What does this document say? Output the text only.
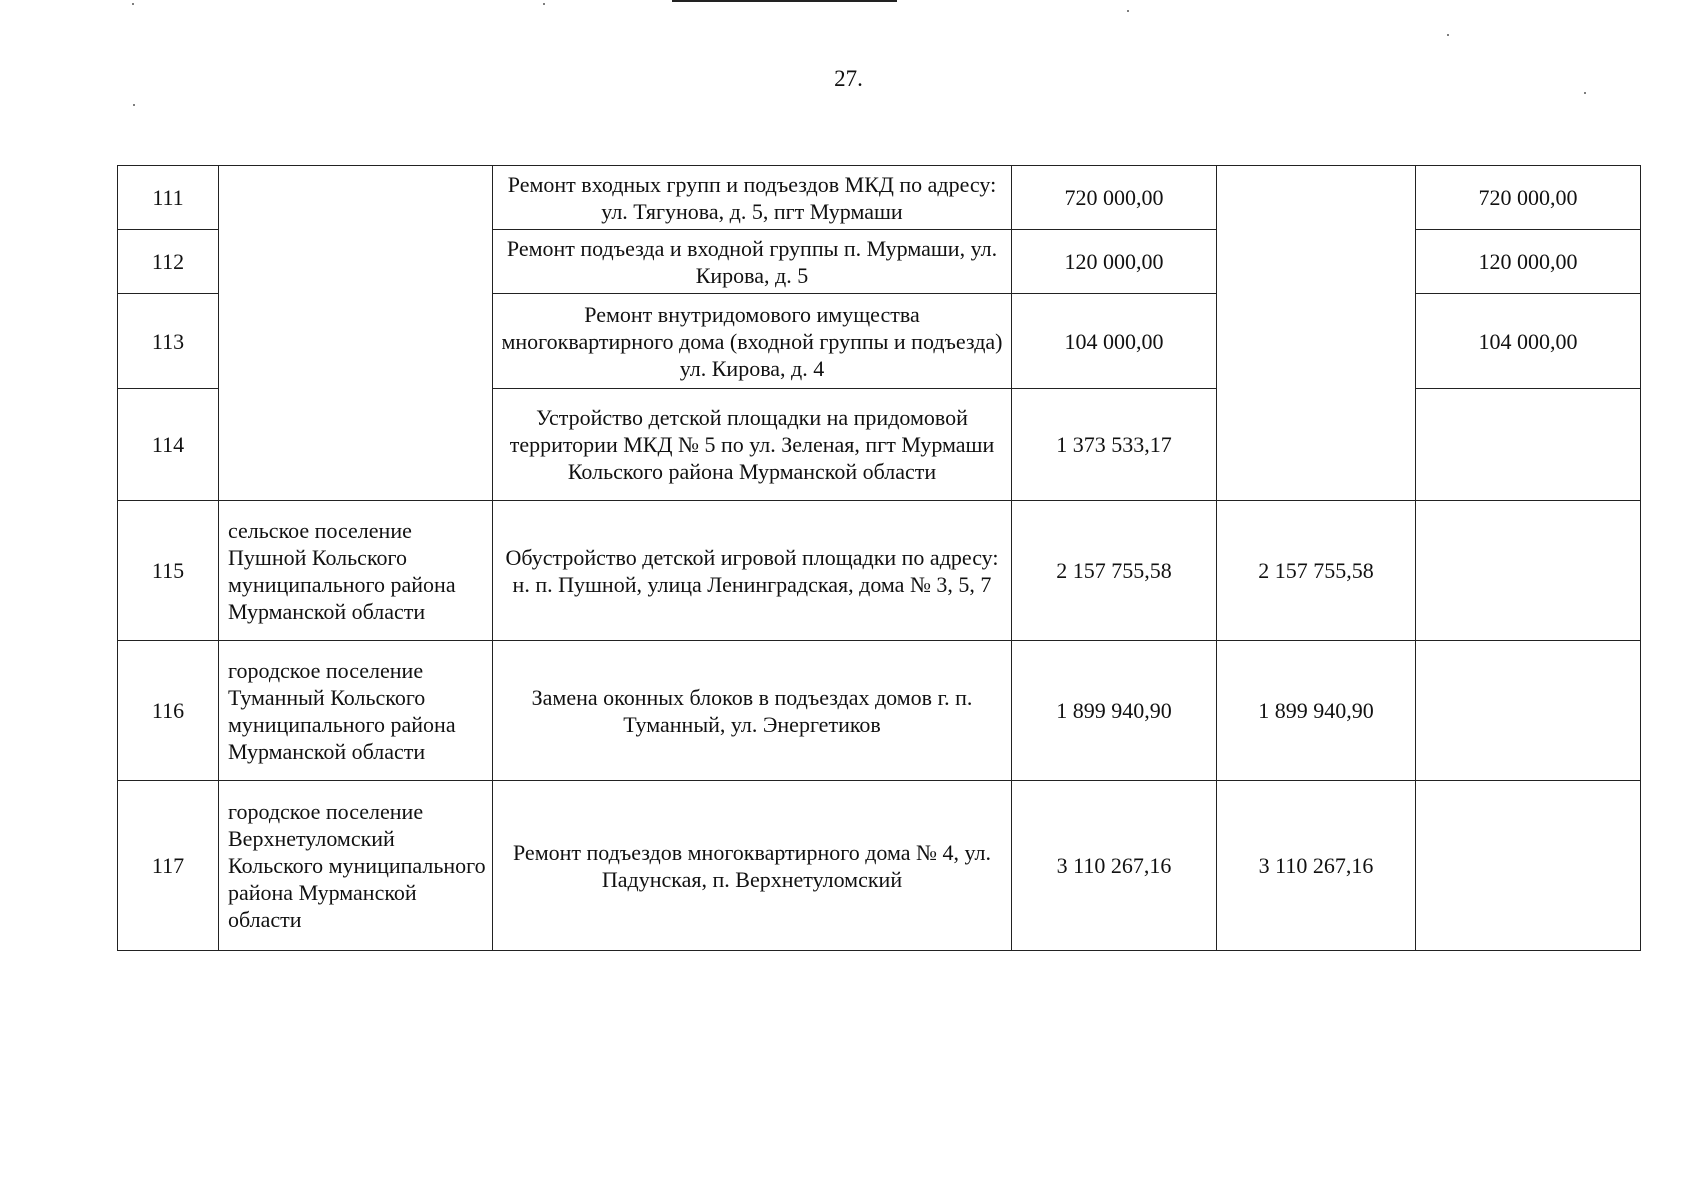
27.
111		Ремонт входных групп и подъездов МКД по адресу: ул. Тягунова, д. 5, пгт Мурмаши	720 000,00		720 000,00
112		Ремонт подъезда и входной группы п. Мурмаши, ул. Кирова, д. 5	120 000,00		120 000,00
113		Ремонт внутридомового имущества многоквартирного дома (входной группы и подъезда) ул. Кирова, д. 4	104 000,00		104 000,00
114		Устройство детской площадки на придомовой территории МКД № 5 по ул. Зеленая, пгт Мурмаши Кольского района Мурманской области	1 373 533,17		
115	сельское поселение Пушной Кольского муниципального района Мурманской области	Обустройство детской игровой площадки по адресу: н. п. Пушной, улица Ленинградская, дома № 3, 5, 7	2 157 755,58	2 157 755,58	
116	городское поселение Туманный Кольского муниципального района Мурманской области	Замена оконных блоков в подъездах домов г. п. Туманный, ул. Энергетиков	1 899 940,90	1 899 940,90	
117	городское поселение Верхнетуломский Кольского муниципального района Мурманской области	Ремонт подъездов многоквартирного дома № 4, ул. Падунская, п. Верхнетуломский	3 110 267,16	3 110 267,16	
